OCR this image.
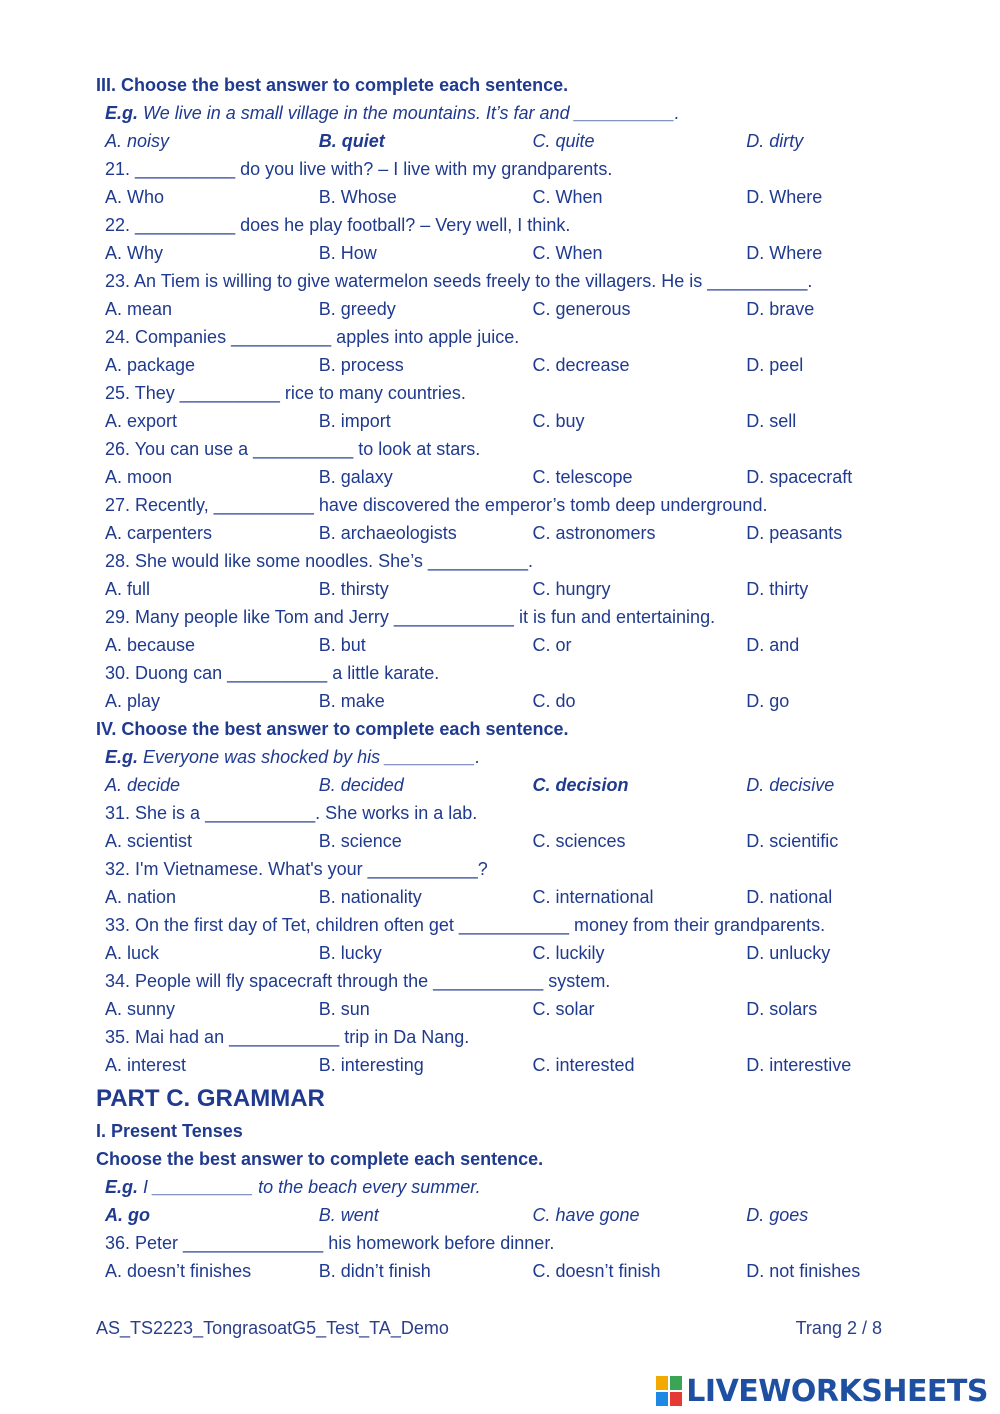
III. Choose the best answer to complete each sentence.
E.g. We live in a small village in the mountains. It’s far and __________.
A. noisy	B. quiet	C. quite	D. dirty
21. __________ do you live with? – I live with my grandparents.
A. Who	B. Whose	C. When	D. Where
22. __________ does he play football? – Very well, I think.
A. Why	B. How	C. When	D. Where
23. An Tiem is willing to give watermelon seeds freely to the villagers. He is __________.
A. mean	B. greedy	C. generous	D. brave
24. Companies __________ apples into apple juice.
A. package	B. process	C. decrease	D. peel
25. They __________ rice to many countries.
A. export	B. import	C. buy	D. sell
26. You can use a __________ to look at stars.
A. moon	B. galaxy	C. telescope	D. spacecraft
27. Recently, __________ have discovered the emperor’s tomb deep underground.
A. carpenters	B. archaeologists	C. astronomers	D. peasants
28. She would like some noodles. She’s __________.
A. full	B. thirsty	C. hungry	D. thirty
29. Many people like Tom and Jerry ____________ it is fun and entertaining.
A. because	B. but	C. or	D. and
30. Duong can __________ a little karate.
A. play	B. make	C. do	D. go
IV. Choose the best answer to complete each sentence.
E.g. Everyone was shocked by his _________.
A. decide	B. decided	C. decision	D. decisive
31. She is a ___________. She works in a lab.
A. scientist	B. science	C. sciences	D. scientific
32. I'm Vietnamese. What's your ___________?
A. nation	B. nationality	C. international	D. national
33. On the first day of Tet, children often get ___________ money from their grandparents.
A. luck	B. lucky	C. luckily	D. unlucky
34. People will fly spacecraft through the ___________ system.
A. sunny	B. sun	C. solar	D. solars
35. Mai had an ___________ trip in Da Nang.
A. interest	B. interesting	C. interested	D. interestive
PART C. GRAMMAR
I. Present Tenses
Choose the best answer to complete each sentence.
E.g. I __________ to the beach every summer.
A. go	B. went	C. have gone	D. goes
36. Peter ______________ his homework before dinner.
A. doesn’t finishes	B. didn’t finish	C. doesn’t finish	D. not finishes
AS_TS2223_TongrasoatG5_Test_TA_Demo	Trang 2 / 8
LIVEWORKSHEETS
